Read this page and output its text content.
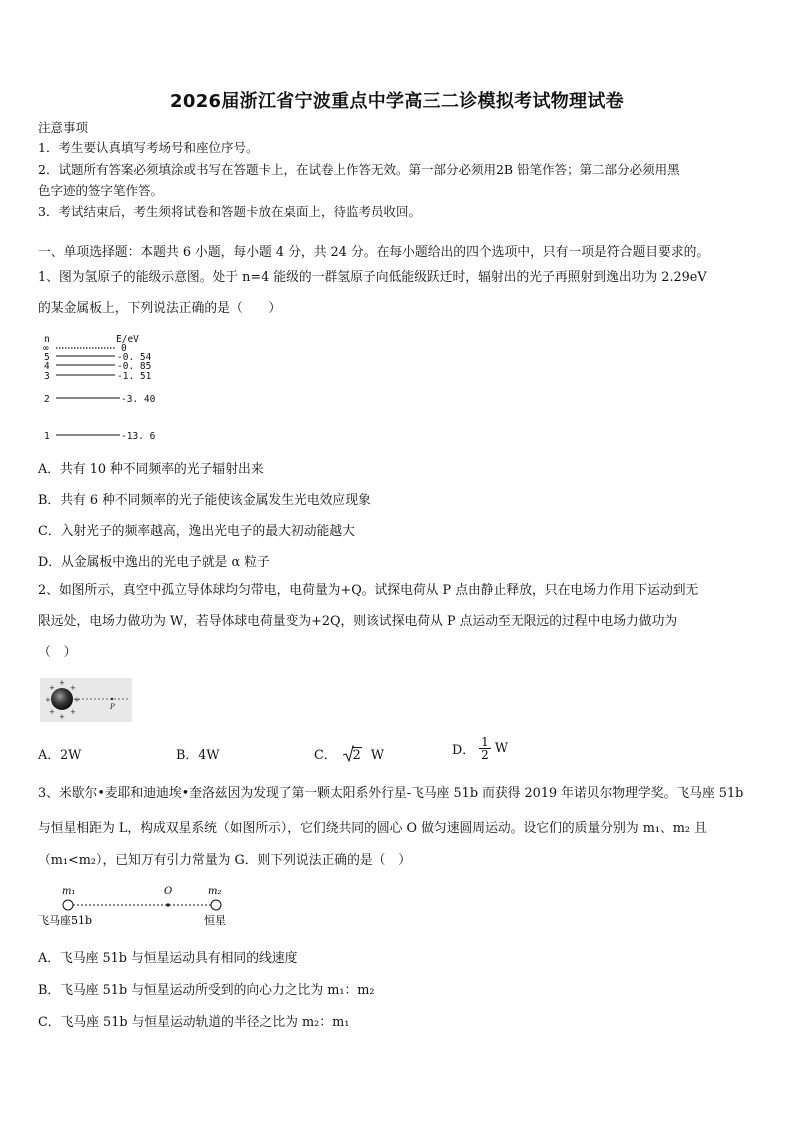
2026届浙江省宁波重点中学高三二诊模拟考试物理试卷
注意事项
1．考生要认真填写考场号和座位序号。
2．试题所有答案必须填涂或书写在答题卡上，在试卷上作答无效。第一部分必须用2B 铅笔作答；第二部分必须用黑
色字迹的签字笔作答。
3．考试结束后，考生须将试卷和答题卡放在桌面上，待监考员收回。
一、单项选择题：本题共 6 小题，每小题 4 分，共 24 分。在每小题给出的四个选项中，只有一项是符合题目要求的。
1、图为氢原子的能级示意图。处于 n=4 能级的一群氢原子向低能级跃迁时，辐射出的光子再照射到逸出功为 2.29eV
的某金属板上，下列说法正确的是（　　）
n	E/eV
∞	0
5	-0. 54
4	-0. 85
3	-1. 51
2	-3. 40
1	-13. 6
A．共有 10 种不同频率的光子辐射出来
B．共有 6 种不同频率的光子能使该金属发生光电效应现象
C．入射光子的频率越高，逸出光电子的最大初动能越大
D．从金属板中逸出的光电子就是 α 粒子
2、如图所示，真空中孤立导体球均匀带电，电荷量为+Q。试探电荷从 P 点由静止释放，只在电场力作用下运动到无
限远处，电场力做功为 W，若导体球电荷量变为+2Q，则该试探电荷从 P 点运动至无限远的过程中电场力做功为
（　）
+
+
+	+
+ +
+ +
P
A．2W	B．4W	C． 2 W	D． $\frac{1}{2}$ W
3、米歇尔•麦耶和迪迪埃•奎洛兹因为发现了第一颗太阳系外行星-飞马座 51b 而获得 2019 年诺贝尔物理学奖。飞马座 51b
与恒星相距为 L，构成双星系统（如图所示），它们绕共同的圆心 O 做匀速圆周运动。设它们的质量分别为 m₁、m₂ 且
（m₁<m₂），已知万有引力常量为 G．则下列说法正确的是（　）
m₁	O	m₂
飞马座51b	恒星
A．飞马座 51b 与恒星运动具有相同的线速度
B．飞马座 51b 与恒星运动所受到的向心力之比为 m₁：m₂
C．飞马座 51b 与恒星运动轨道的半径之比为 m₂：m₁
